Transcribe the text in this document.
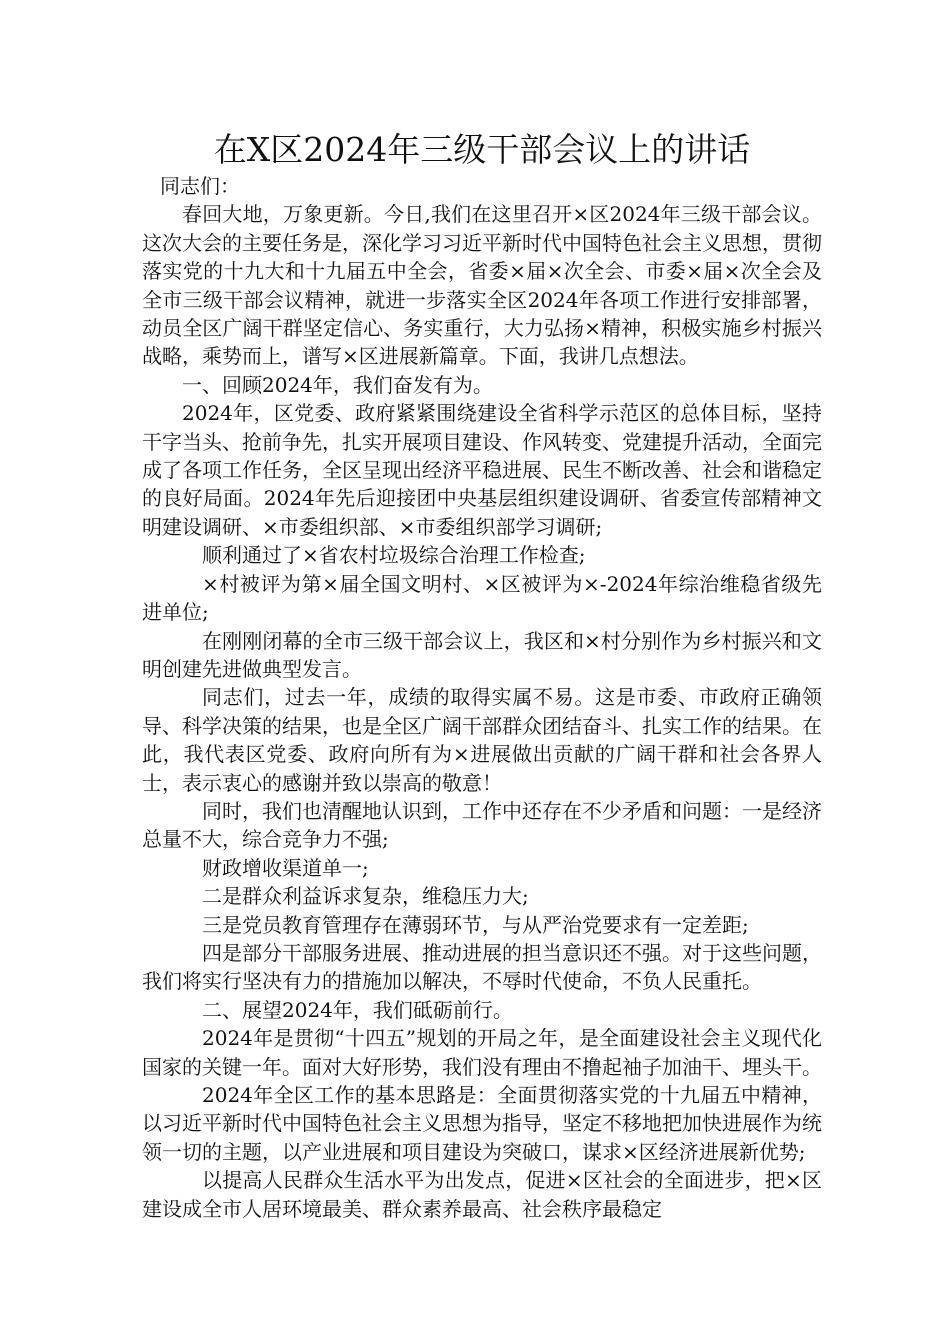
在X区2024年三级干部会议上的讲话

同志们：

春回大地，万象更新。今日,我们在这里召开×区2024年三级干部会议。这次大会的主要任务是，深化学习习近平新时代中国特色社会主义思想，贯彻落实党的十九大和十九届五中全会，省委×届×次全会、市委×届×次全会及全市三级干部会议精神，就进一步落实全区2024年各项工作进行安排部署，动员全区广阔干群坚定信心、务实重行，大力弘扬×精神，积极实施乡村振兴战略，乘势而上，谱写×区进展新篇章。下面，我讲几点想法。

一、回顾2024年，我们奋发有为。

2024年，区党委、政府紧紧围绕建设全省科学示范区的总体目标，坚持干字当头、抢前争先，扎实开展项目建设、作风转变、党建提升活动，全面完成了各项工作任务，全区呈现出经济平稳进展、民生不断改善、社会和谐稳定的良好局面。2024年先后迎接团中央基层组织建设调研、省委宣传部精神文明建设调研、×市委组织部、×市委组织部学习调研;

顺利通过了×省农村垃圾综合治理工作检查;

×村被评为第×届全国文明村、×区被评为×-2024年综治维稳省级先进单位;

在刚刚闭幕的全市三级干部会议上，我区和×村分别作为乡村振兴和文明创建先进做典型发言。

同志们，过去一年，成绩的取得实属不易。这是市委、市政府正确领导、科学决策的结果，也是全区广阔干部群众团结奋斗、扎实工作的结果。在此，我代表区党委、政府向所有为×进展做出贡献的广阔干群和社会各界人士，表示衷心的感谢并致以崇高的敬意！

同时，我们也清醒地认识到，工作中还存在不少矛盾和问题：一是经济总量不大，综合竞争力不强;

财政增收渠道单一;

二是群众利益诉求复杂，维稳压力大;

三是党员教育管理存在薄弱环节，与从严治党要求有一定差距;

四是部分干部服务进展、推动进展的担当意识还不强。对于这些问题，我们将实行坚决有力的措施加以解决，不辱时代使命，不负人民重托。

二、展望2024年，我们砥砺前行。

2024年是贯彻“十四五”规划的开局之年，是全面建设社会主义现代化国家的关键一年。面对大好形势，我们没有理由不撸起袖子加油干、埋头干。

2024年全区工作的基本思路是：全面贯彻落实党的十九届五中精神，以习近平新时代中国特色社会主义思想为指导，坚定不移地把加快进展作为统领一切的主题，以产业进展和项目建设为突破口，谋求×区经济进展新优势;

以提高人民群众生活水平为出发点，促进×区社会的全面进步，把×区建设成全市人居环境最美、群众素养最高、社会秩序最稳定
